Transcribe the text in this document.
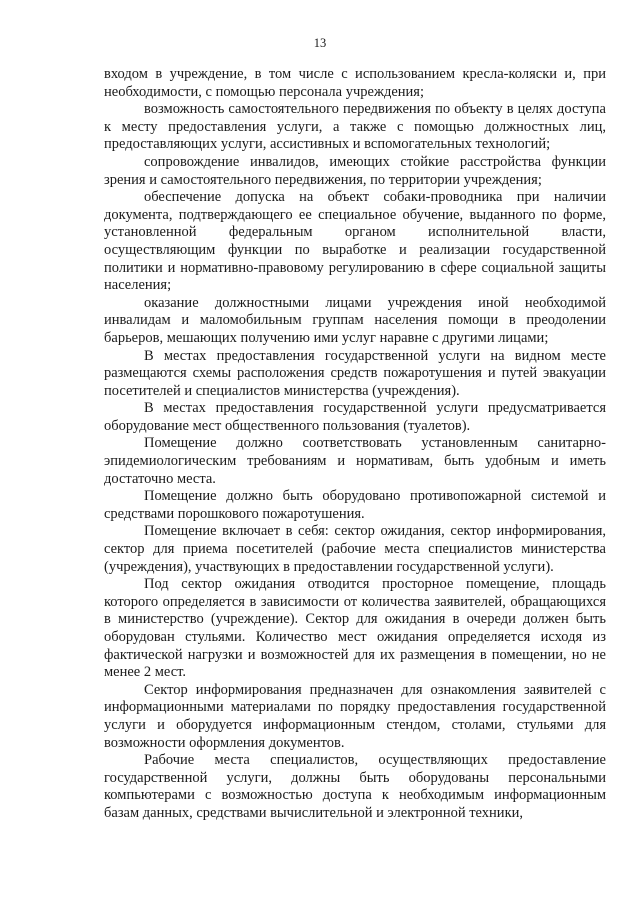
13

входом в учреждение, в том числе с использованием кресла-коляски и, при необходимости, с помощью персонала учреждения;

возможность самостоятельного передвижения по объекту в целях доступа к месту предоставления услуги, а также с помощью должностных лиц, предоставляющих услуги, ассистивных и вспомогательных технологий;

сопровождение инвалидов, имеющих стойкие расстройства функции зрения и самостоятельного передвижения, по территории учреждения;

обеспечение допуска на объект собаки-проводника при наличии документа, подтверждающего ее специальное обучение, выданного по форме, установленной федеральным органом исполнительной власти, осуществляющим функции по выработке и реализации государственной политики и нормативно-правовому регулированию в сфере социальной защиты населения;

оказание должностными лицами учреждения иной необходимой инвалидам и маломобильным группам населения помощи в преодолении барьеров, мешающих получению ими услуг наравне с другими лицами;

В местах предоставления государственной услуги на видном месте размещаются схемы расположения средств пожаротушения и путей эвакуации посетителей и специалистов министерства (учреждения).

В местах предоставления государственной услуги предусматривается оборудование мест общественного пользования (туалетов).

Помещение должно соответствовать установленным санитарно-эпидемиологическим требованиям и нормативам, быть удобным и иметь достаточно места.

Помещение должно быть оборудовано противопожарной системой и средствами порошкового пожаротушения.

Помещение включает в себя: сектор ожидания, сектор информирования, сектор для приема посетителей (рабочие места специалистов министерства (учреждения), участвующих в предоставлении государственной услуги).

Под сектор ожидания отводится просторное помещение, площадь которого определяется в зависимости от количества заявителей, обращающихся в министерство (учреждение). Сектор для ожидания в очереди должен быть оборудован стульями. Количество мест ожидания определяется исходя из фактической нагрузки и возможностей для их размещения в помещении, но не менее 2 мест.

Сектор информирования предназначен для ознакомления заявителей с информационными материалами по порядку предоставления государственной услуги и оборудуется информационным стендом, столами, стульями для возможности оформления документов.

Рабочие места специалистов, осуществляющих предоставление государственной услуги, должны быть оборудованы персональными компьютерами с возможностью доступа к необходимым информационным базам данных, средствами вычислительной и электронной техники,
